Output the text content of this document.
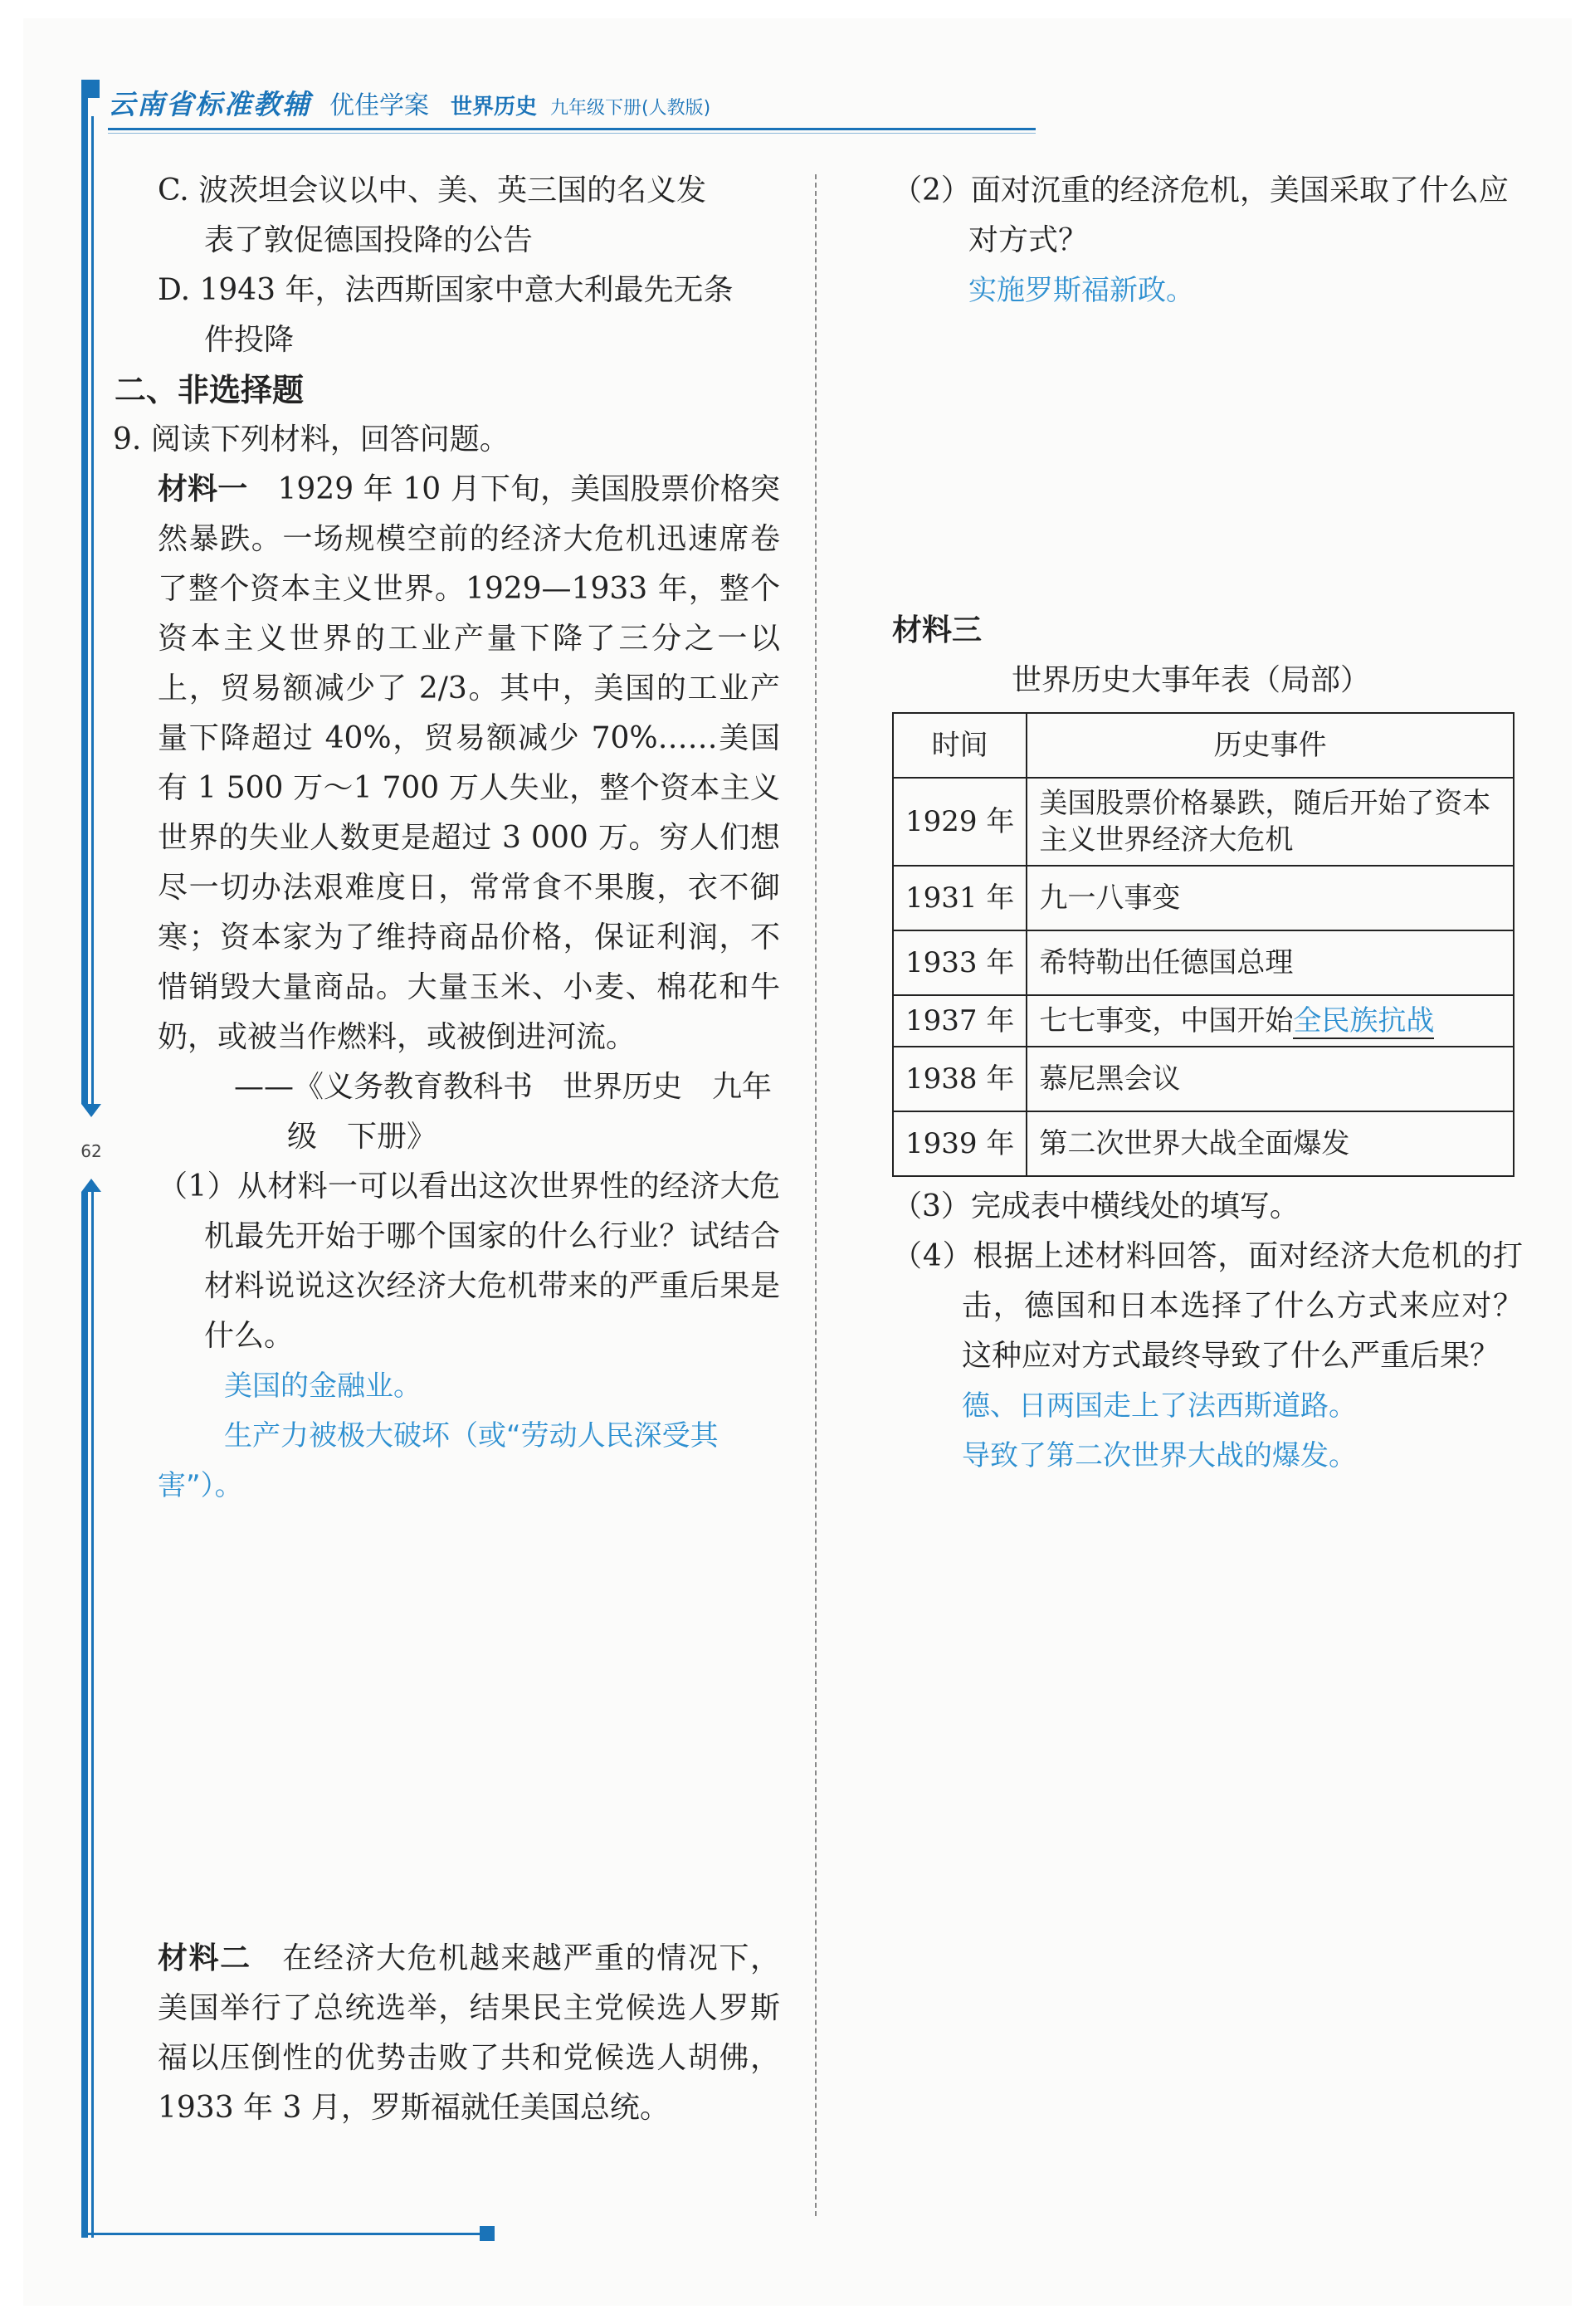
云南省标准教辅 优佳学案 世界历史 九年级下册(人教版)
62

C. 波茨坦会议以中、美、英三国的名义发

表了敦促德国投降的公告

D. 1943 年，法西斯国家中意大利最先无条

件投降

二、非选择题

9. 阅读下列材料，回答问题。

材料一　1929 年 10 月下旬，美国股票价格突然暴跌。一场规模空前的经济大危机迅速席卷了整个资本主义世界。1929—1933 年，整个资本主义世界的工业产量下降了三分之一以上，贸易额减少了 2/3。其中，美国的工业产量下降超过 40%，贸易额减少 70%……美国有 1 500 万～1 700 万人失业，整个资本主义世界的失业人数更是超过 3 000 万。穷人们想尽一切办法艰难度日，常常食不果腹，衣不御寒；资本家为了维持商品价格，保证利润，不惜销毁大量商品。大量玉米、小麦、棉花和牛奶，或被当作燃料，或被倒进河流。

——《义务教育教科书　世界历史　九年

级　下册》

（1）从材料一可以看出这次世界性的经济大危机最先开始于哪个国家的什么行业？试结合材料说说这次经济大危机带来的严重后果是什么。

美国的金融业。

生产力被极大破坏（或“劳动人民深受其害”）。

材料二　在经济大危机越来越严重的情况下，美国举行了总统选举，结果民主党候选人罗斯福以压倒性的优势击败了共和党候选人胡佛，1933 年 3 月，罗斯福就任美国总统。

（2）面对沉重的经济危机，美国采取了什么应对方式？

实施罗斯福新政。

材料三

世界历史大事年表（局部）

时间	历史事件
1929 年	美国股票价格暴跌，随后开始了资本主义世界经济大危机
1931 年	九一八事变
1933 年	希特勒出任德国总理
1937 年	七七事变，中国开始全民族抗战
1938 年	慕尼黑会议
1939 年	第二次世界大战全面爆发

（3）完成表中横线处的填写。

（4）根据上述材料回答，面对经济大危机的打击，德国和日本选择了什么方式来应对？这种应对方式最终导致了什么严重后果？

德、日两国走上了法西斯道路。

导致了第二次世界大战的爆发。
